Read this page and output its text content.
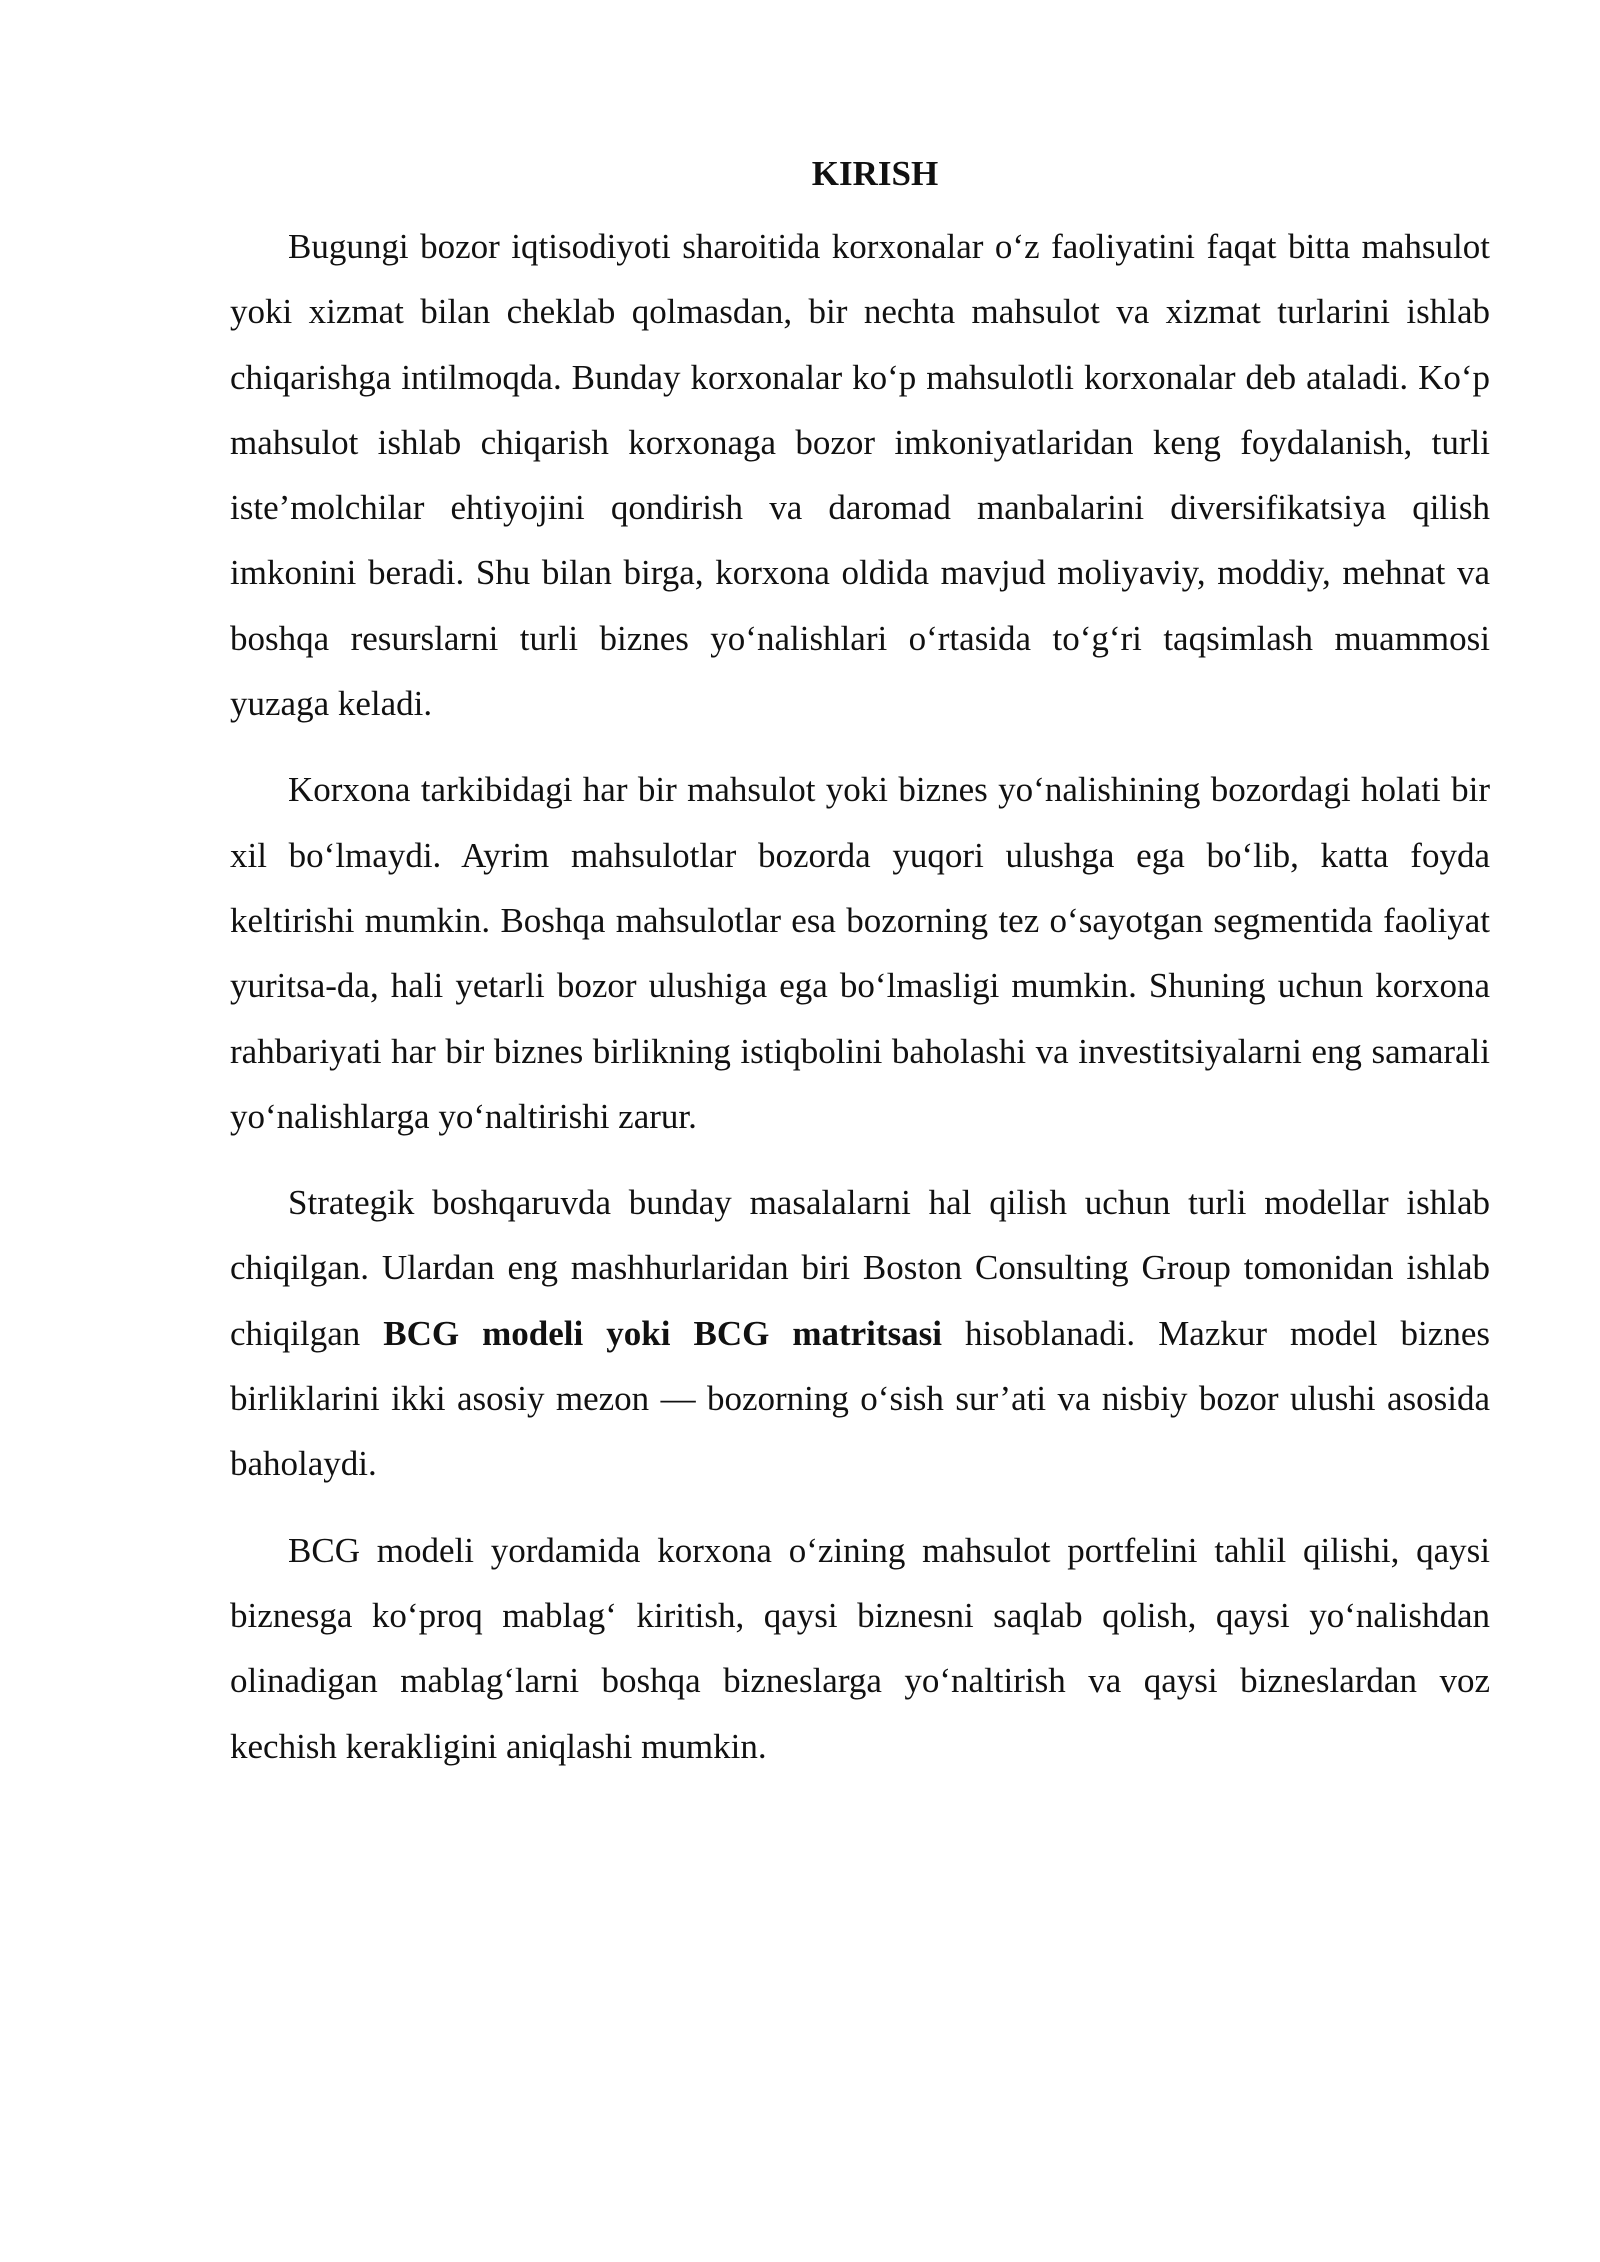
KIRISH

Bugungi bozor iqtisodiyoti sharoitida korxonalar o‘z faoliyatini faqat bitta mahsulot yoki xizmat bilan cheklab qolmasdan, bir nechta mahsulot va xizmat turlarini ishlab chiqarishga intilmoqda. Bunday korxonalar ko‘p mahsulotli korxonalar deb ataladi. Ko‘p mahsulot ishlab chiqarish korxonaga bozor imkoniyatlaridan keng foydalanish, turli iste’molchilar ehtiyojini qondirish va daromad manbalarini diversifikatsiya qilish imkonini beradi. Shu bilan birga, korxona oldida mavjud moliyaviy, moddiy, mehnat va boshqa resurslarni turli biznes yo‘nalishlari o‘rtasida to‘g‘ri taqsimlash muammosi yuzaga keladi.

Korxona tarkibidagi har bir mahsulot yoki biznes yo‘nalishining bozordagi holati bir xil bo‘lmaydi. Ayrim mahsulotlar bozorda yuqori ulushga ega bo‘lib, katta foyda keltirishi mumkin. Boshqa mahsulotlar esa bozorning tez o‘sayotgan segmentida faoliyat yuritsa-da, hali yetarli bozor ulushiga ega bo‘lmasligi mumkin. Shuning uchun korxona rahbariyati har bir biznes birlikning istiqbolini baholashi va investitsiyalarni eng samarali yo‘nalishlarga yo‘naltirishi zarur.

Strategik boshqaruvda bunday masalalarni hal qilish uchun turli modellar ishlab chiqilgan. Ulardan eng mashhurlaridan biri Boston Consulting Group tomonidan ishlab chiqilgan BCG modeli yoki BCG matritsasi hisoblanadi. Mazkur model biznes birliklarini ikki asosiy mezon — bozorning o‘sish sur’ati va nisbiy bozor ulushi asosida baholaydi.

BCG modeli yordamida korxona o‘zining mahsulot portfelini tahlil qilishi, qaysi biznesga ko‘proq mablag‘ kiritish, qaysi biznesni saqlab qolish, qaysi yo‘nalishdan olinadigan mablag‘larni boshqa bizneslarga yo‘naltirish va qaysi bizneslardan voz kechish kerakligini aniqlashi mumkin.
